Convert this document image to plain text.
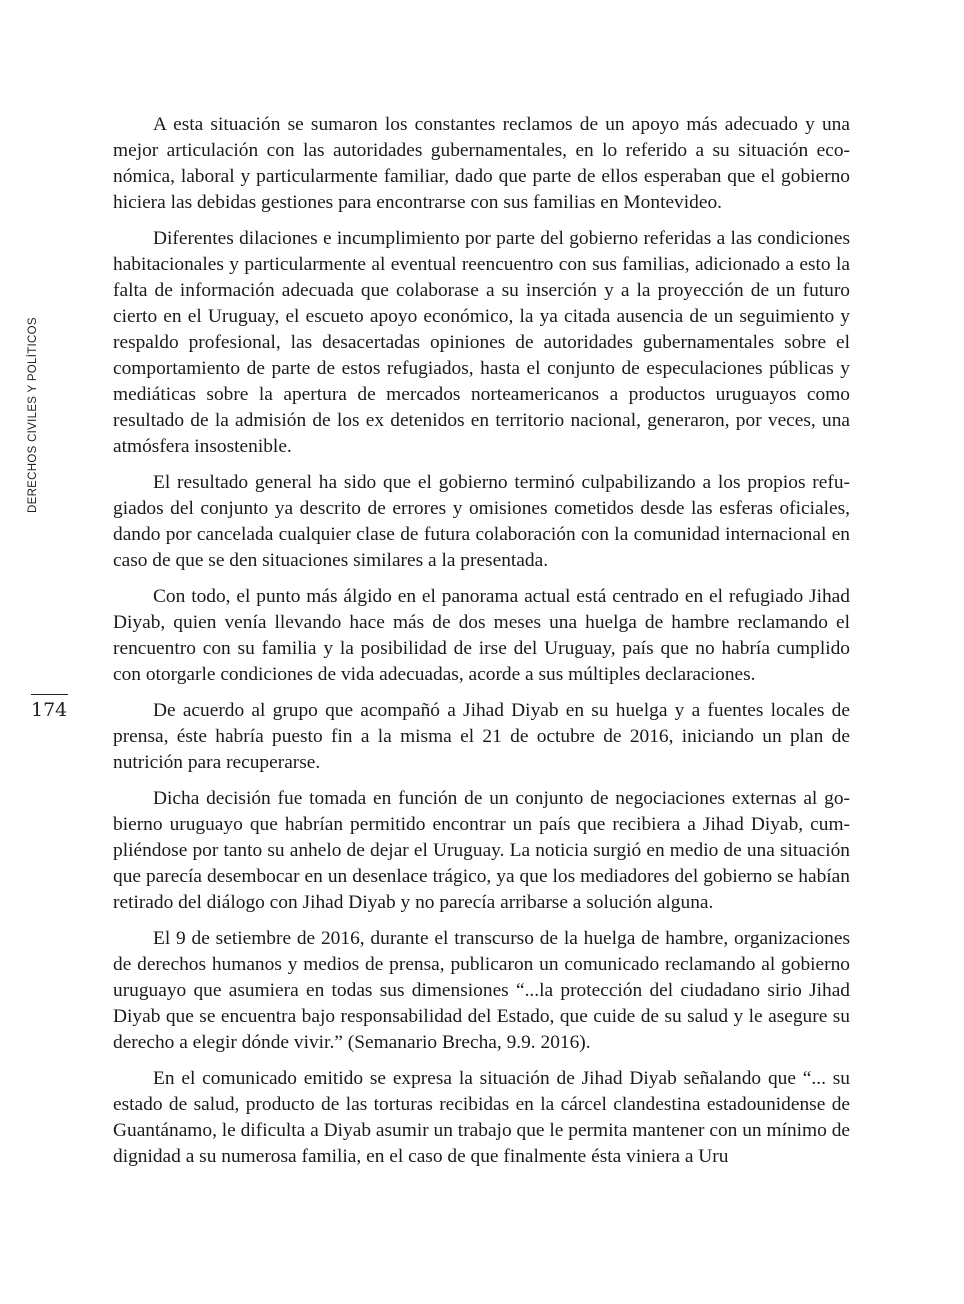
DERECHOS CIVILES Y POLÍTICOS
174

A esta situación se sumaron los constantes reclamos de un apoyo más adecuado y una mejor articulación con las autoridades gubernamentales, en lo referido a su situación económica, laboral y particularmente familiar, dado que parte de ellos esperaban que el gobierno hiciera las debidas gestiones para encontrarse con sus familias en Montevideo.

Diferentes dilaciones e incumplimiento por parte del gobierno referidas a las condiciones habitacionales y particularmente al eventual reencuentro con sus familias, adicionado a esto la falta de información adecuada que colaborase a su inserción y a la proyección de un futuro cierto en el Uruguay, el escueto apoyo económico, la ya citada ausencia de un seguimiento y respaldo profesional, las desacertadas opiniones de autoridades gubernamentales sobre el comportamiento de parte de estos refugiados, hasta el conjunto de especulaciones públicas y mediáticas sobre la apertura de mercados norteamericanos a productos uruguayos como resultado de la admisión de los ex detenidos en territorio nacional, generaron, por veces, una atmósfera insostenible.

El resultado general ha sido que el gobierno terminó culpabilizando a los propios refugiados del conjunto ya descrito de errores y omisiones cometidos desde las esferas oficiales, dando por cancelada cualquier clase de futura colaboración con la comunidad internacional en caso de que se den situaciones similares a la presentada.

Con todo, el punto más álgido en el panorama actual está centrado en el refugiado Jihad Diyab, quien venía llevando hace más de dos meses una huelga de hambre reclamando el rencuentro con su familia y la posibilidad de irse del Uruguay, país que no habría cumplido con otorgarle condiciones de vida adecuadas, acorde a sus múltiples declaraciones.

De acuerdo al grupo que acompañó a Jihad Diyab en su huelga y a fuentes locales de prensa, éste habría puesto fin a la misma el 21 de octubre de 2016, iniciando un plan de nutrición para recuperarse.

Dicha decisión fue tomada en función de un conjunto de negociaciones externas al gobierno uruguayo que habrían permitido encontrar un país que recibiera a Jihad Diyab, cumpliéndose por tanto su anhelo de dejar el Uruguay. La noticia surgió en medio de una situación que parecía desembocar en un desenlace trágico, ya que los mediadores del gobierno se habían retirado del diálogo con Jihad Diyab y no parecía arribarse a solución alguna.

El 9 de setiembre de 2016, durante el transcurso de la huelga de hambre, organizaciones de derechos humanos y medios de prensa, publicaron un comunicado reclamando al gobierno uruguayo que asumiera en todas sus dimensiones “...la protección del ciudadano sirio Jihad Diyab que se encuentra bajo responsabilidad del Estado, que cuide de su salud y le asegure su derecho a elegir dónde vivir.” (Semanario Brecha, 9.9. 2016).

En el comunicado emitido se expresa la situación de Jihad Diyab señalando que “... su estado de salud, producto de las torturas recibidas en la cárcel clandestina estadounidense de Guantánamo, le dificulta a Diyab asumir un trabajo que le permita mantener con un mínimo de dignidad a su numerosa familia, en el caso de que finalmente ésta viniera a Uru
